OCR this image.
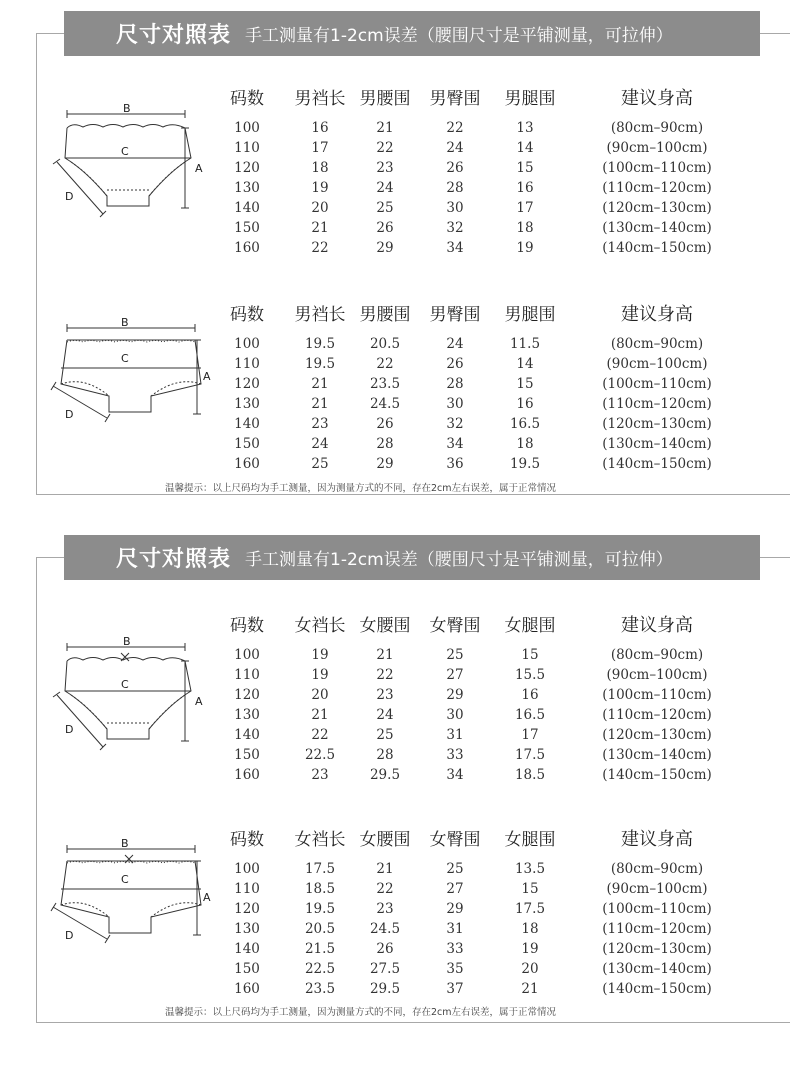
尺寸对照表 手工测量有1-2cm误差（腰围尺寸是平铺测量，可拉伸）
B
C
A
D
码数 男裆长 男腰围 男臀围 男腿围	建议身高
100	16	21	22	13	(80cm–90cm)
110	17	22	24	14	(90cm–100cm)
120	18	23	26	15	(100cm–110cm)
130	19	24	28	16	(110cm–120cm)
140	20	25	30	17	(120cm–130cm)
150	21	26	32	18	(130cm–140cm)
160	22	29	34	19	(140cm–150cm)
B
C
A
D
码数 男裆长 男腰围 男臀围 男腿围	建议身高
100	19.5	20.5	24	11.5	(80cm–90cm)
110	19.5	22	26	14	(90cm–100cm)
120	21	23.5	28	15	(100cm–110cm)
130	21	24.5	30	16	(110cm–120cm)
140	23	26	32	16.5	(120cm–130cm)
150	24	28	34	18	(130cm–140cm)
160	25	29	36	19.5	(140cm–150cm)
温馨提示：以上尺码均为手工测量，因为测量方式的不同，存在2cm左右误差，属于正常情况
尺寸对照表 手工测量有1-2cm误差（腰围尺寸是平铺测量，可拉伸）
B
C
A
D
码数 女裆长 女腰围 女臀围 女腿围	建议身高
100	19	21	25	15	(80cm–90cm)
110	19	22	27	15.5	(90cm–100cm)
120	20	23	29	16	(100cm–110cm)
130	21	24	30	16.5	(110cm–120cm)
140	22	25	31	17	(120cm–130cm)
150	22.5	28	33	17.5	(130cm–140cm)
160	23	29.5	34	18.5	(140cm–150cm)
B
C
A
D
码数 女裆长 女腰围 女臀围 女腿围	建议身高
100	17.5	21	25	13.5	(80cm–90cm)
110	18.5	22	27	15	(90cm–100cm)
120	19.5	23	29	17.5	(100cm–110cm)
130	20.5	24.5	31	18	(110cm–120cm)
140	21.5	26	33	19	(120cm–130cm)
150	22.5	27.5	35	20	(130cm–140cm)
160	23.5	29.5	37	21	(140cm–150cm)
温馨提示：以上尺码均为手工测量，因为测量方式的不同，存在2cm左右误差，属于正常情况
